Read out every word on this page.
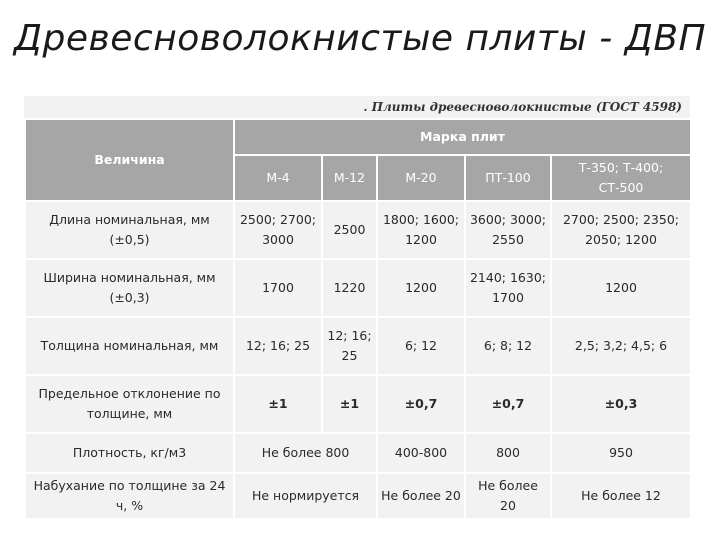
Древесноволокнистые плиты - ДВП
. Плиты древесноволокнистые (ГОСТ 4598)
Величина	Марка плит				
	М-4	М-12	М-20	ПТ-100	Т-350; Т-400; СТ-500
Длина номинальная, мм (±0,5)	2500; 2700; 3000	2500	1800; 1600; 1200	3600; 3000; 2550	2700; 2500; 2350; 2050; 1200
Ширина номинальная, мм (±0,3)	1700	1220	1200	2140; 1630; 1700	1200
Толщина номинальная, мм	12; 16; 25	12; 16; 25	6; 12	6; 8; 12	2,5; 3,2; 4,5; 6
Предельное отклонение по толщине, мм	±1	±1	±0,7	±0,7	±0,3
Плотность, кг/м3	Не более 800		400-800	800	950
Набухание по толщине за 24 ч, %	Не нормируется		Не более 20	Не более 20	Не более 12
